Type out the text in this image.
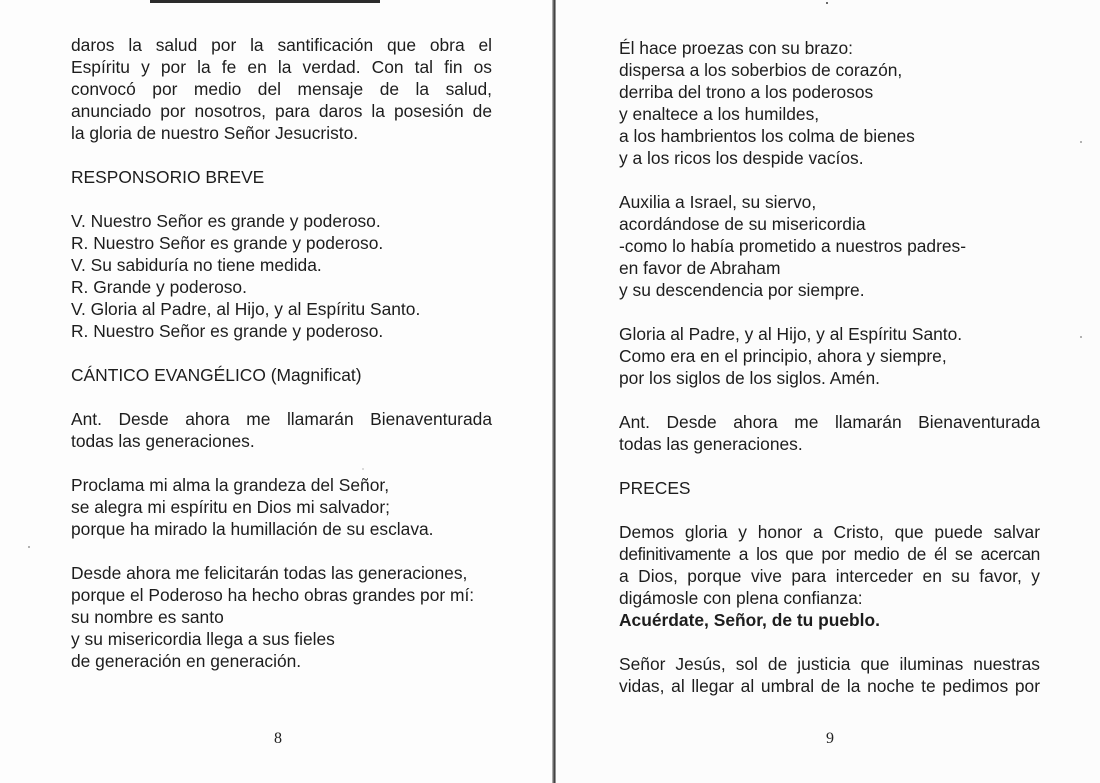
daros la salud por la santificación que obra el
Espíritu y por la fe en la verdad. Con tal fin os
convocó por medio del mensaje de la salud,
anunciado por nosotros, para daros la posesión de
la gloria de nuestro Señor Jesucristo.

RESPONSORIO BREVE

V. Nuestro Señor es grande y poderoso.
R. Nuestro Señor es grande y poderoso.
V. Su sabiduría no tiene medida.
R. Grande y poderoso.
V. Gloria al Padre, al Hijo, y al Espíritu Santo.
R. Nuestro Señor es grande y poderoso.

CÁNTICO EVANGÉLICO (Magnificat)

Ant. Desde ahora me llamarán Bienaventurada
todas las generaciones.

Proclama mi alma la grandeza del Señor,
se alegra mi espíritu en Dios mi salvador;
porque ha mirado la humillación de su esclava.

Desde ahora me felicitarán todas las generaciones,
porque el Poderoso ha hecho obras grandes por mí:
su nombre es santo
y su misericordia llega a sus fieles
de generación en generación.

8

Él hace proezas con su brazo:
dispersa a los soberbios de corazón,
derriba del trono a los poderosos
y enaltece a los humildes,
a los hambrientos los colma de bienes
y a los ricos los despide vacíos.

Auxilia a Israel, su siervo,
acordándose de su misericordia
-como lo había prometido a nuestros padres-
en favor de Abraham
y su descendencia por siempre.

Gloria al Padre, y al Hijo, y al Espíritu Santo.
Como era en el principio, ahora y siempre,
por los siglos de los siglos. Amén.

Ant. Desde ahora me llamarán Bienaventurada
todas las generaciones.

PRECES

Demos gloria y honor a Cristo, que puede salvar
definitivamente a los que por medio de él se acercan
a Dios, porque vive para interceder en su favor, y
digámosle con plena confianza:

Acuérdate, Señor, de tu pueblo.

Señor Jesús, sol de justicia que iluminas nuestras
vidas, al llegar al umbral de la noche te pedimos por

9
